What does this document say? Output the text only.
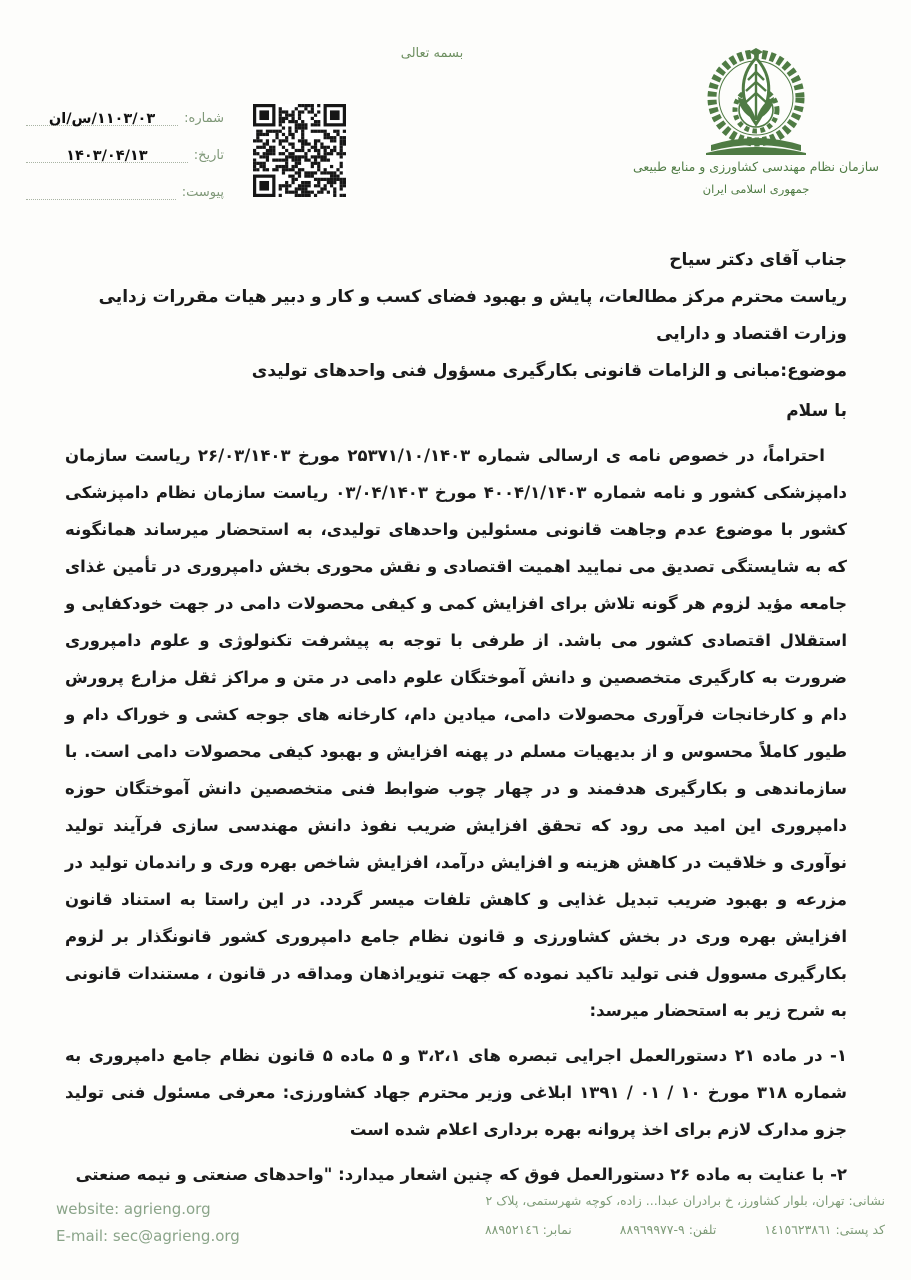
بسمه تعالی
سازمان نظام مهندسی کشاورزی و منابع طبیعی
جمهوری اسلامی ایران
شماره:
۱۱۰۳/۰۳/س/ان
تاریخ:
۱۴۰۳/۰۴/۱۳
پیوست:
جناب آقای دکتر سیاح
ریاست محترم مرکز مطالعات، پایش و بهبود فضای کسب و کار و دبیر هیات مقررات زدایی وزارت اقتصاد و دارایی
موضوع:مبانی و الزامات قانونی بکارگیری مسؤول فنی واحدهای تولیدی
با سلام

احتراماً، در خصوص نامه ی ارسالی شماره ۲۵۳۷۱/۱۰/۱۴۰۳ مورخ ۲۶/۰۳/۱۴۰۳ ریاست سازمان دامپزشکی کشور و نامه شماره ۴۰۰۴/۱/۱۴۰۳ مورخ ۰۳/۰۴/۱۴۰۳ ریاست سازمان نظام دامپزشکی کشور با موضوع عدم وجاهت قانونی مسئولین واحدهای تولیدی، به استحضار میرساند همانگونه که به شایستگی تصدیق می نمایید اهمیت اقتصادی و نقش محوری بخش دامپروری در تأمین غذای جامعه مؤید لزوم هر گونه تلاش برای افزایش کمی و کیفی محصولات دامی در جهت خودکفایی و استقلال اقتصادی کشور می باشد. از طرفی با توجه به پیشرفت تکنولوژی و علوم دامپروری ضرورت به کارگیری متخصصین و دانش آموختگان علوم دامی در متن و مراکز ثقل مزارع پرورش دام و کارخانجات فرآوری محصولات دامی، میادین دام، کارخانه های جوجه کشی و خوراک دام و طیور کاملاً محسوس و از بدیهیات مسلم در پهنه افزایش و بهبود کیفی محصولات دامی است. با سازماندهی و بکارگیری هدفمند و در چهار چوب ضوابط فنی متخصصین دانش آموختگان حوزه دامپروری این امید می رود که تحقق افزایش ضریب نفوذ دانش مهندسی سازی فرآیند تولید نوآوری و خلاقیت در کاهش هزینه و افزایش درآمد، افزایش شاخص بهره وری و راندمان تولید در مزرعه و بهبود ضریب تبدیل غذایی و کاهش تلفات میسر گردد. در این راستا به استناد قانون افزایش بهره وری در بخش کشاورزی و قانون نظام جامع دامپروری کشور قانونگذار بر لزوم بکارگیری مسوول فنی تولید تاکید نموده که جهت تنویراذهان ومداقه در قانون ، مستندات قانونی به شرح زیر به استحضار میرسد:

۱- در ماده ۲۱ دستورالعمل اجرایی تبصره های ۳،۲،۱ و ۵ ماده ۵ قانون نظام جامع دامپروری به شماره ۳۱۸ مورخ ۱۰ / ۰۱ / ۱۳۹۱ ابلاغی وزیر محترم جهاد کشاورزی: معرفی مسئول فنی تولید جزو مدارک لازم برای اخذ پروانه بهره برداری اعلام شده است

۲- با عنایت به ماده ۲۶ دستورالعمل فوق که چنین اشعار میدارد: "واحدهای صنعتی و نیمه صنعتی

website: agrieng.org
E-mail: sec@agrieng.org
نشانی: تهران، بلوار کشاورز، خ برادران عبدا... زاده، کوچه شهرستمی، پلاک ٢
کد پستی: ١٤١٥٦٢٣٨٦١ تلفن: ٨٨٩٦٩٩٧٧-٩ نمابر: ٨٨٩٥٢١٤٦
